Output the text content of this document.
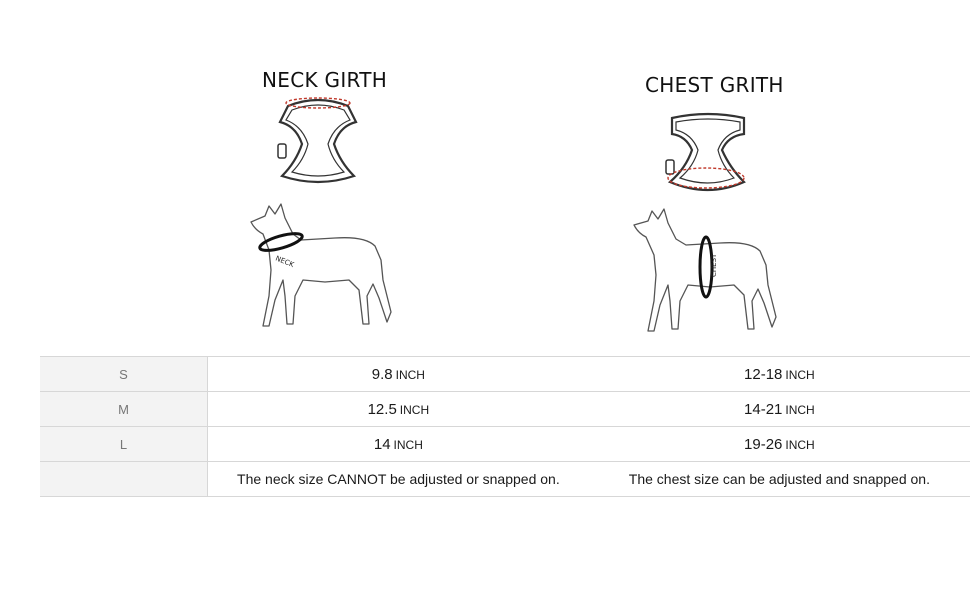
NECK GIRTH	CHEST GRITH
NECK	CHEST
S	9.8 INCH	12-18 INCH
M	12.5 INCH	14-21 INCH
L	14 INCH	19-26 INCH
	The neck size CANNOT be adjusted or snapped on.	The chest size can be adjusted and snapped on.
